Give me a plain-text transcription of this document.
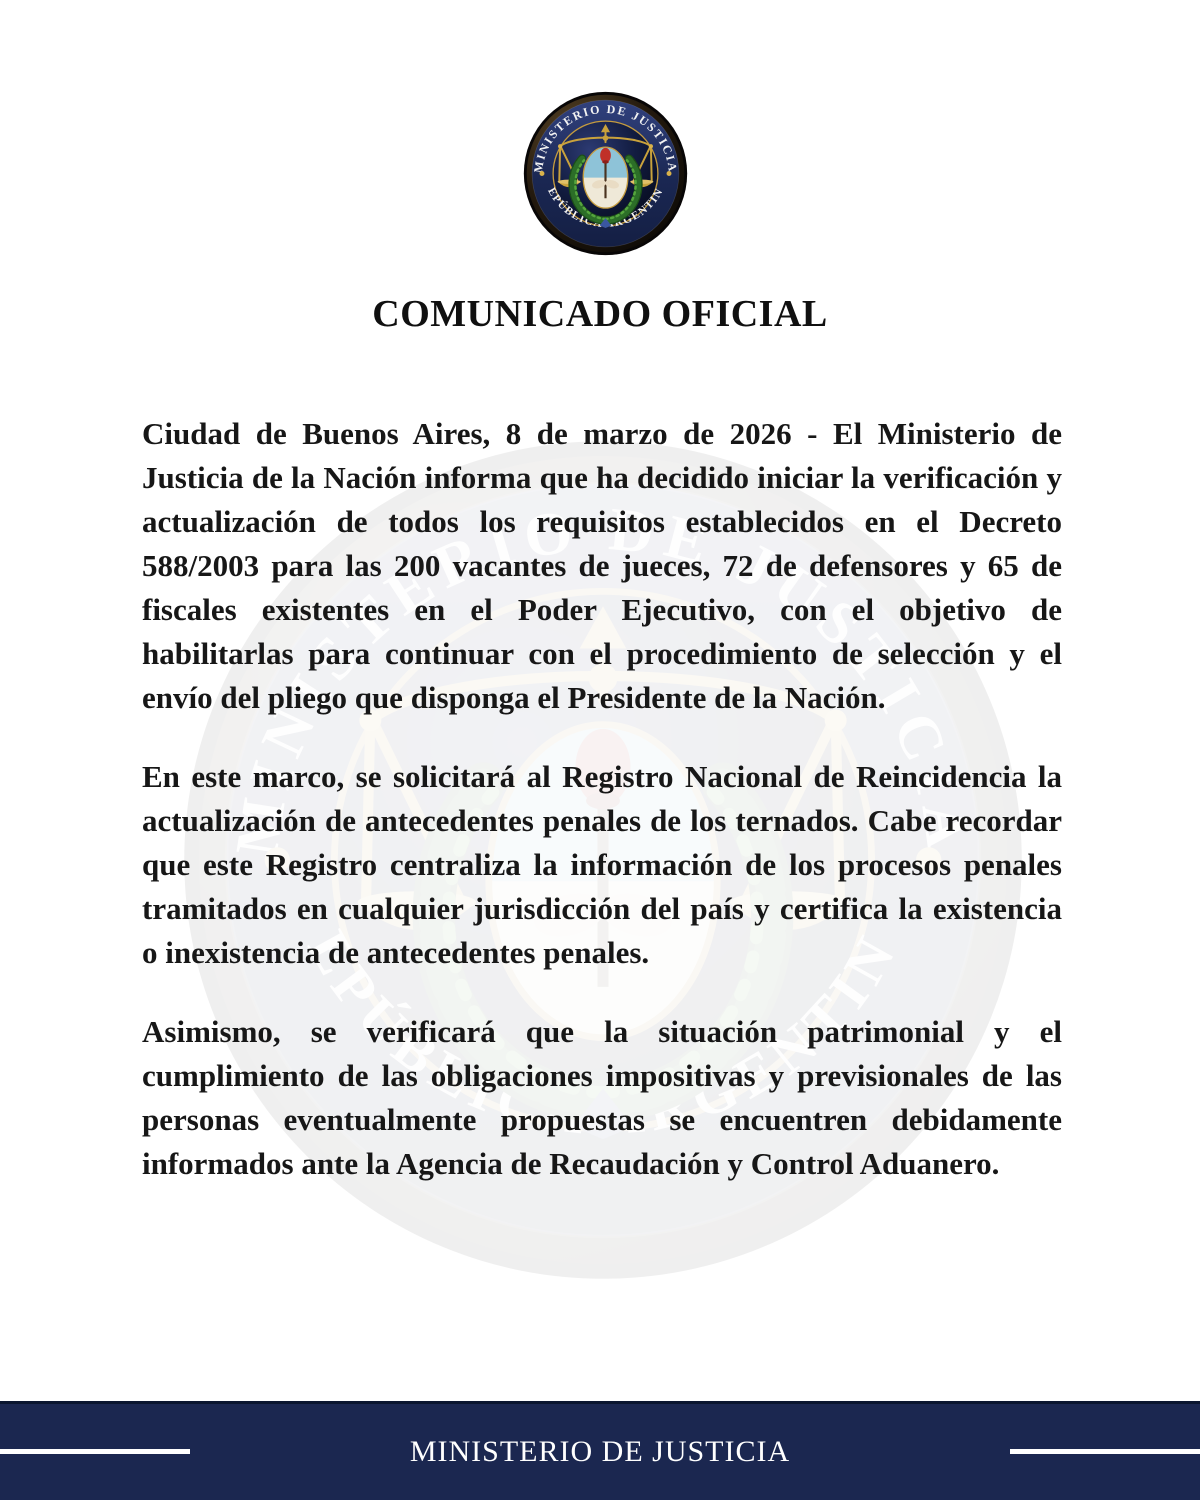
COMUNICADO OFICIAL

Ciudad de Buenos Aires, 8 de marzo de 2026 - El Ministerio de Justicia de la Nación informa que ha decidido iniciar la verificación y actualización de todos los requisitos establecidos en el Decreto 588/2003 para las 200 vacantes de jueces, 72 de defensores y 65 de fiscales existentes en el Poder Ejecutivo, con el objetivo de habilitarlas para continuar con el procedimiento de selección y el envío del pliego que disponga el Presidente de la Nación.

En este marco, se solicitará al Registro Nacional de Reincidencia la actualización de antecedentes penales de los ternados. Cabe recordar que este Registro centraliza la información de los procesos penales tramitados en cualquier jurisdicción del país y certifica la existencia o inexistencia de antecedentes penales.

Asimismo, se verificará que la situación patrimonial y el cumplimiento de las obligaciones impositivas y previsionales de las personas eventualmente propuestas se encuentren debidamente informados ante la Agencia de Recaudación y Control Aduanero.

MINISTERIO DE JUSTICIA
